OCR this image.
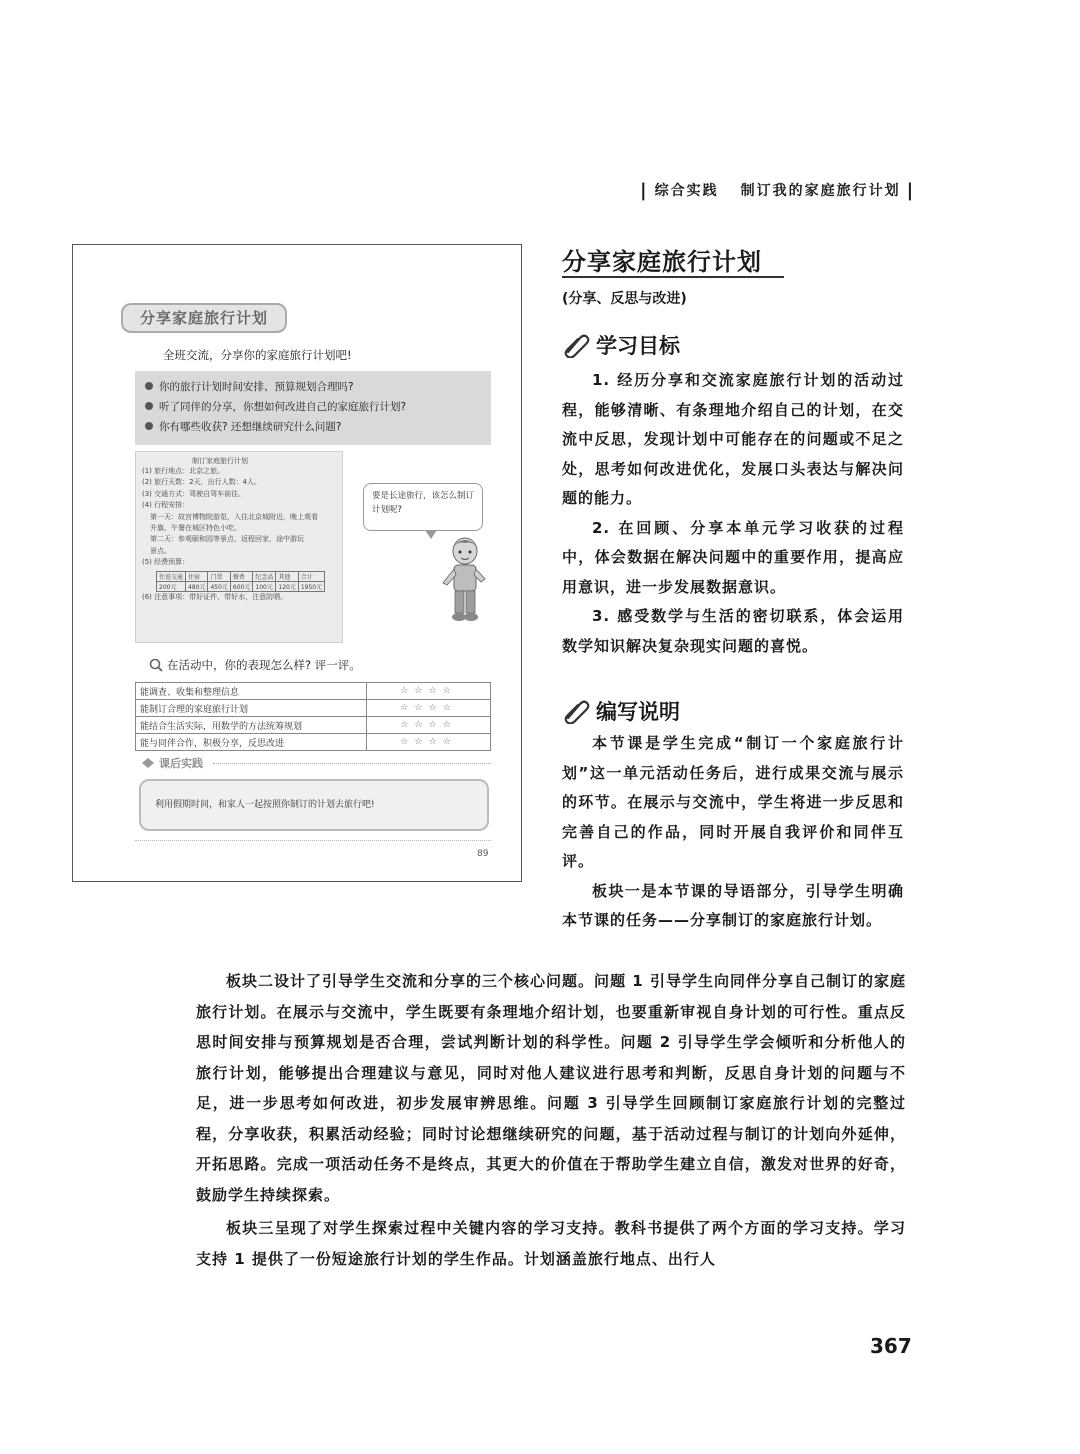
| 综合实践 制订我的家庭旅行计划 |
分享家庭旅行计划
全班交流，分享你的家庭旅行计划吧!
你的旅行计划时间安排、预算规划合理吗?
听了同伴的分享，你想如何改进自己的家庭旅行计划?
你有哪些收获? 还想继续研究什么问题?
制订家庭旅行计划
(1) 旅行地点：北京之旅。
(2) 旅行天数：2天，出行人数：4人。
(3) 交通方式：驾驶自驾车前往。
(4) 行程安排：
第一天：故宫博物院游览，入住北京城附近，晚上观看
升旗，午餐在城区特色小吃。
第二天：参观颐和园等景点，返程回家，途中游玩
景点。
(5) 经费预算：
往返交通	住宿	门票	餐费	纪念品	其他	合计
200元	480元	450元	600元	100元	120元	1950元
(6) 注意事项：带好证件、带好水，注意防晒。
要是长途旅行，该怎么制订计划呢?
在活动中，你的表现怎么样? 评一评。
能调查、收集和整理信息	☆☆☆☆
能制订合理的家庭旅行计划	☆☆☆☆
能结合生活实际，用数学的方法统筹规划	☆☆☆☆
能与同伴合作，积极分享，反思改进	☆☆☆☆
课后实践
利用假期时间，和家人一起按照你制订的计划去旅行吧!
89
分享家庭旅行计划
(分享、反思与改进)
学习目标

1. 经历分享和交流家庭旅行计划的活动过程，能够清晰、有条理地介绍自己的计划，在交流中反思，发现计划中可能存在的问题或不足之处，思考如何改进优化，发展口头表达与解决问题的能力。

2. 在回顾、分享本单元学习收获的过程中，体会数据在解决问题中的重要作用，提高应用意识，进一步发展数据意识。

3. 感受数学与生活的密切联系，体会运用数学知识解决复杂现实问题的喜悦。

编写说明

本节课是学生完成“制订一个家庭旅行计划”这一单元活动任务后，进行成果交流与展示的环节。在展示与交流中，学生将进一步反思和完善自己的作品，同时开展自我评价和同伴互评。

板块一是本节课的导语部分，引导学生明确本节课的任务——分享制订的家庭旅行计划。

板块二设计了引导学生交流和分享的三个核心问题。问题 1 引导学生向同伴分享自己制订的家庭旅行计划。在展示与交流中，学生既要有条理地介绍计划，也要重新审视自身计划的可行性。重点反思时间安排与预算规划是否合理，尝试判断计划的科学性。问题 2 引导学生学会倾听和分析他人的旅行计划，能够提出合理建议与意见，同时对他人建议进行思考和判断，反思自身计划的问题与不足，进一步思考如何改进，初步发展审辨思维。问题 3 引导学生回顾制订家庭旅行计划的完整过程，分享收获，积累活动经验；同时讨论想继续研究的问题，基于活动过程与制订的计划向外延伸，开拓思路。完成一项活动任务不是终点，其更大的价值在于帮助学生建立自信，激发对世界的好奇，鼓励学生持续探索。

板块三呈现了对学生探索过程中关键内容的学习支持。教科书提供了两个方面的学习支持。学习支持 1 提供了一份短途旅行计划的学生作品。计划涵盖旅行地点、出行人

367
